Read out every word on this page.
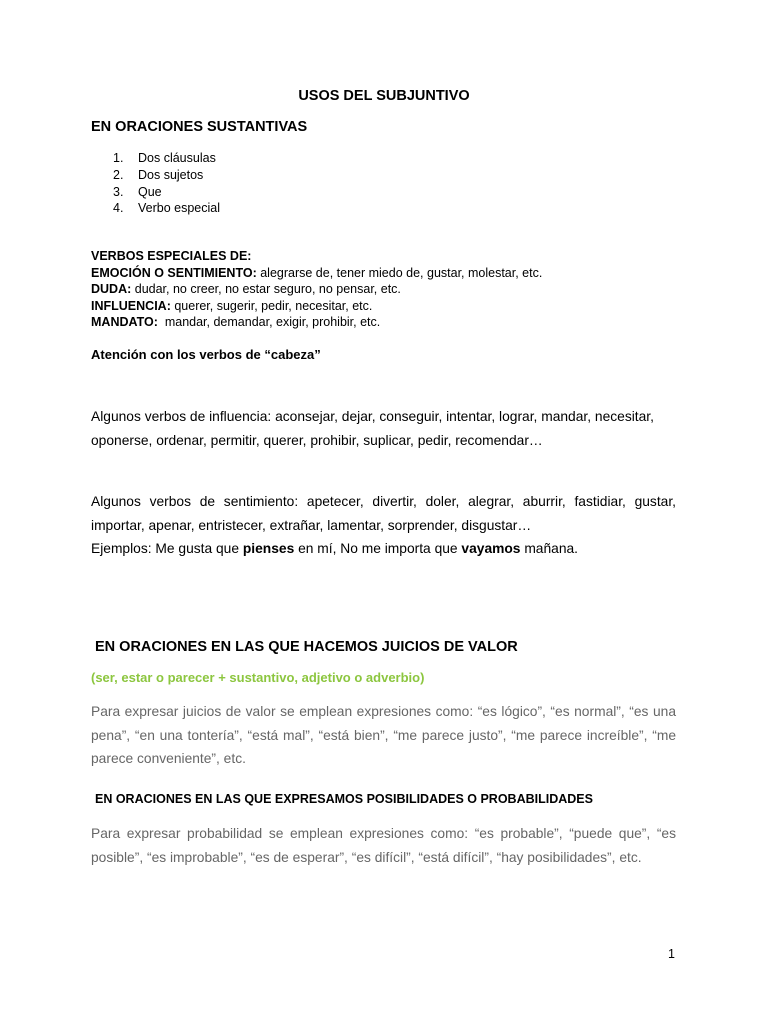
USOS DEL SUBJUNTIVO
EN ORACIONES SUSTANTIVAS
1. Dos cláusulas
2. Dos sujetos
3. Que
4. Verbo especial
VERBOS ESPECIALES DE:
EMOCIÓN O SENTIMIENTO: alegrarse de, tener miedo de, gustar, molestar, etc.
DUDA: dudar, no creer, no estar seguro, no pensar, etc.
INFLUENCIA: querer, sugerir, pedir, necesitar, etc.
MANDATO:  mandar, demandar, exigir, prohibir, etc.
Atención con los verbos de “cabeza”
Algunos verbos de influencia: aconsejar, dejar, conseguir, intentar, lograr, mandar, necesitar, oponerse, ordenar, permitir, querer, prohibir, suplicar, pedir, recomendar…
Algunos verbos de sentimiento: apetecer, divertir, doler, alegrar, aburrir, fastidiar, gustar, importar, apenar, entristecer, extrañar, lamentar, sorprender, disgustar…
Ejemplos: Me gusta que pienses en mí, No me importa que vayamos mañana.
EN ORACIONES EN LAS QUE HACEMOS JUICIOS DE VALOR
(ser, estar o parecer + sustantivo, adjetivo o adverbio)
Para expresar juicios de valor se emplean expresiones como: “es lógico”, “es normal”, “es una pena”, “en una tontería”, “está mal”, “está bien”, “me parece justo”, “me parece increíble”, “me parece conveniente”, etc.
EN ORACIONES EN LAS QUE EXPRESAMOS POSIBILIDADES O PROBABILIDADES
Para expresar probabilidad se emplean expresiones como: “es probable”, “puede que”, “es posible”, “es improbable”, “es de esperar”, “es difícil”, “está difícil”, “hay posibilidades”, etc.
1
